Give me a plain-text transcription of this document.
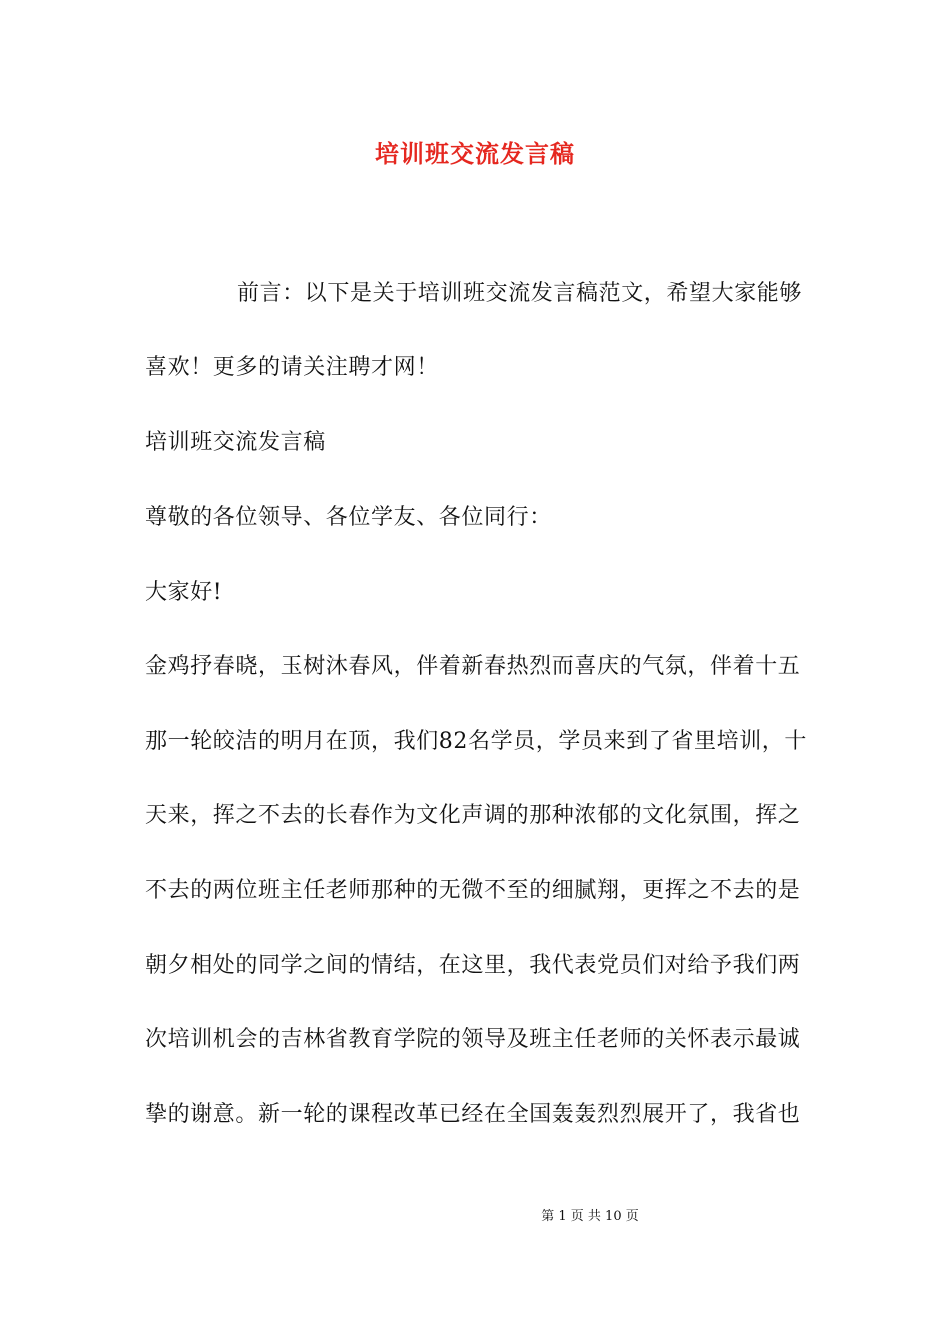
培训班交流发言稿
前言：以下是关于培训班交流发言稿范文，希望大家能够
喜欢！更多的请关注聘才网！
培训班交流发言稿
尊敬的各位领导、各位学友、各位同行：
大家好!
金鸡抒春晓，玉树沐春风，伴着新春热烈而喜庆的气氛，伴着十五
那一轮皎洁的明月在顶，我们82名学员，学员来到了省里培训，十
天来，挥之不去的长春作为文化声调的那种浓郁的文化氛围，挥之
不去的两位班主任老师那种的无微不至的细腻翔，更挥之不去的是
朝夕相处的同学之间的情结，在这里，我代表党员们对给予我们两
次培训机会的吉林省教育学院的领导及班主任老师的关怀表示最诚
挚的谢意。新一轮的课程改革已经在全国轰轰烈烈展开了，我省也
第 1 页 共 10 页
